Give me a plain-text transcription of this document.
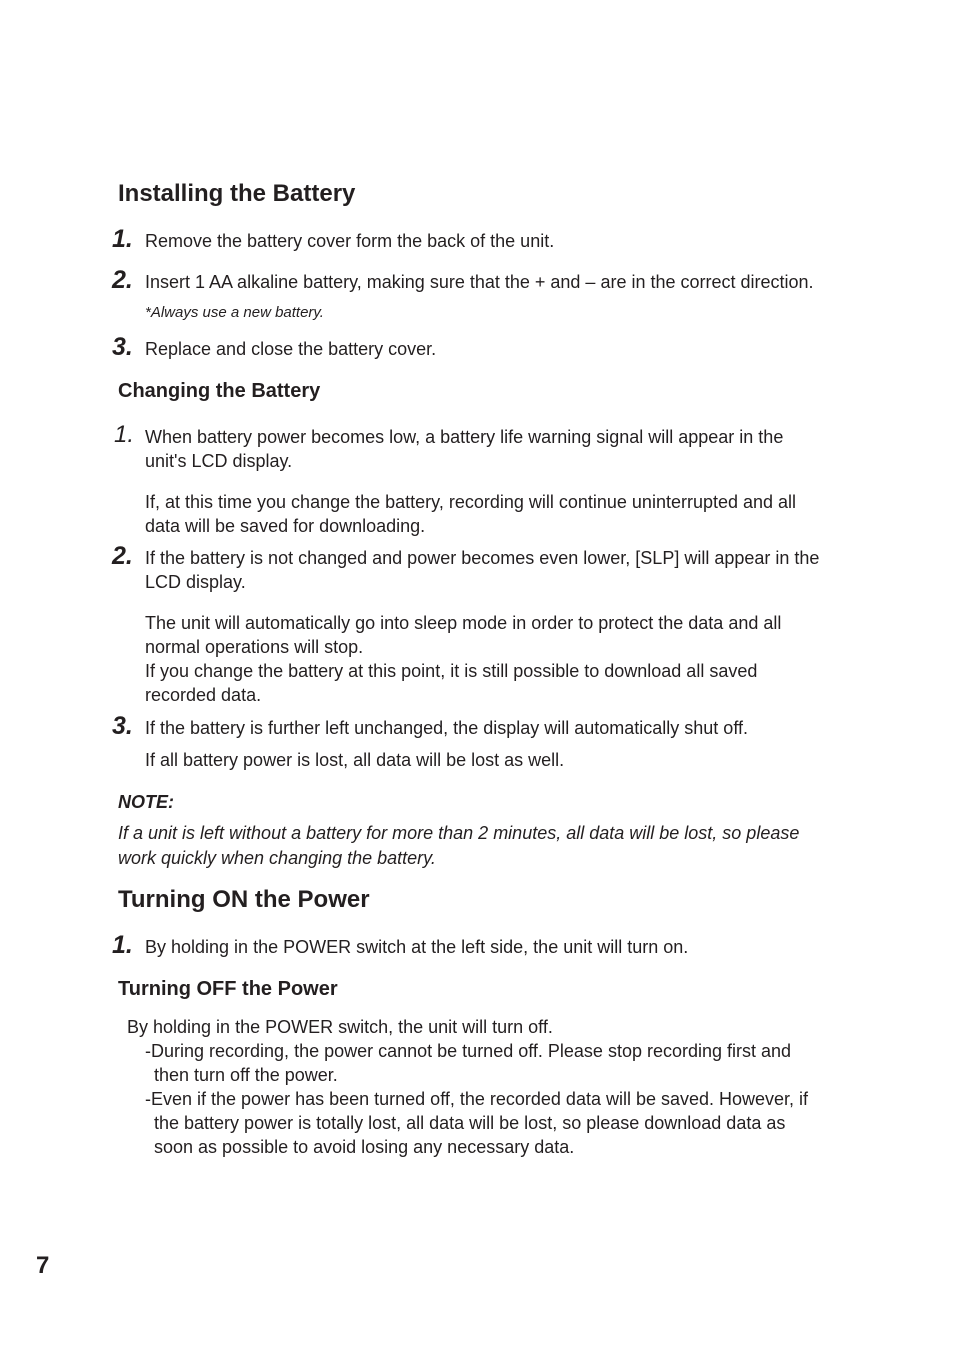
Installing the Battery
1. Remove the battery cover form the back of the unit.

2. Insert 1 AA alkaline battery, making sure that the + and – are in the correct direction.

*Always use a new battery.

3. Replace and close the battery cover.

Changing the Battery
1. When battery power becomes low, a battery life warning signal will appear in the

unit's LCD display.

If, at this time you change the battery, recording will continue uninterrupted and all

data will be saved for downloading.

2. If the battery is not changed and power becomes even lower, [SLP] will appear in the

LCD display.

The unit will automatically go into sleep mode in order to protect the data and all

normal operations will stop.

If you change the battery at this point, it is still possible to download all saved

recorded data.

3. If the battery is further left unchanged, the display will automatically shut off.

If all battery power is lost, all data will be lost as well.

NOTE:

If a unit is left without a battery for more than 2 minutes, all data will be lost, so please

work quickly when changing the battery.

Turning ON the Power
1. By holding in the POWER switch at the left side, the unit will turn on.

Turning OFF the Power

By holding in the POWER switch, the unit will turn off.

-During recording, the power cannot be turned off. Please stop recording first and

then turn off the power.

-Even if the power has been turned off, the recorded data will be saved. However, if

the battery power is totally lost, all data will be lost, so please download data as

soon as possible to avoid losing any necessary data.

7
